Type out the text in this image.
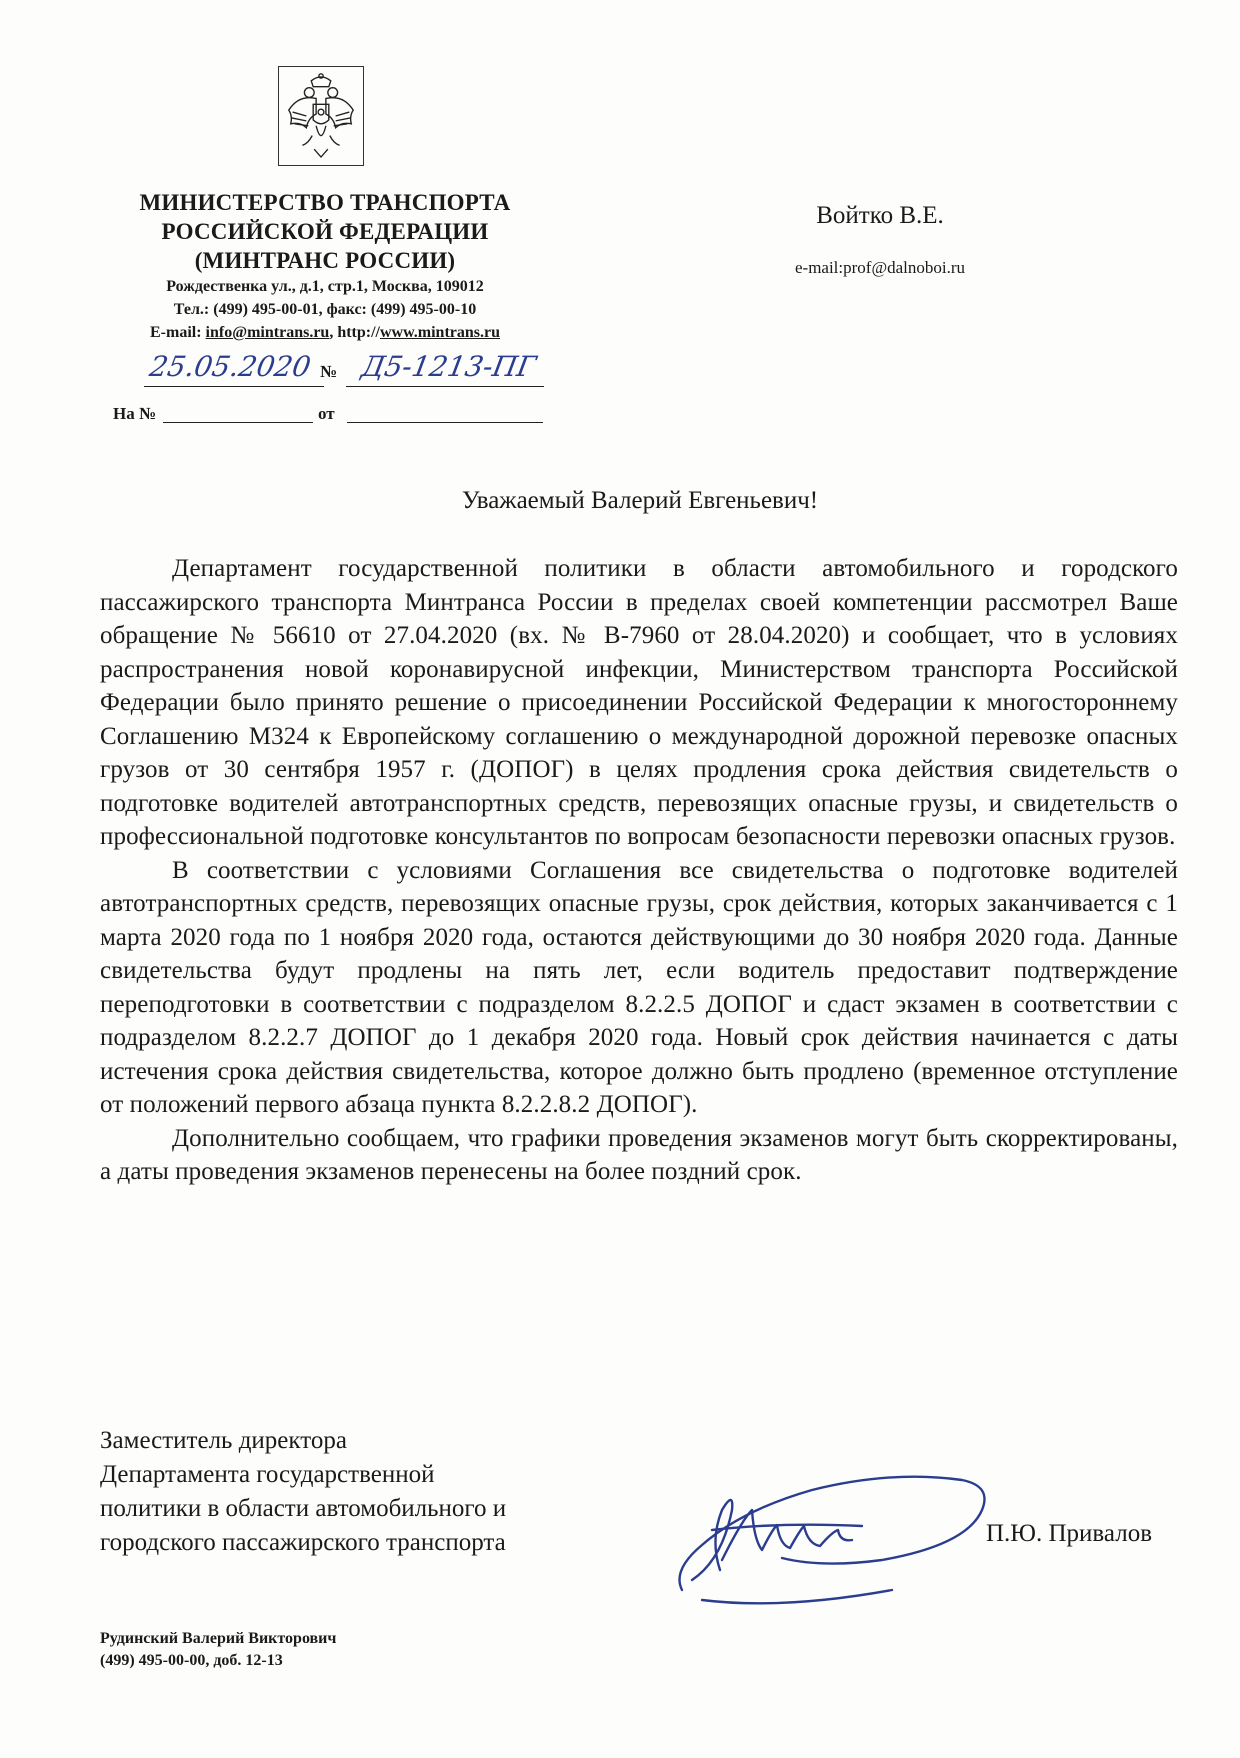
МИНИСТЕРСТВО ТРАНСПОРТА
РОССИЙСКОЙ ФЕДЕРАЦИИ
(МИНТРАНС РОССИИ)
Рождественка ул., д.1, стр.1, Москва, 109012
Тел.: (499) 495-00-01, факс: (499) 495-00-10
E-mail: info@mintrans.ru, http://www.mintrans.ru
25.05.2020 № Д5-1213-ПГ
На №	от
Войтко В.Е.
e-mail:prof@dalnoboi.ru
Уважаемый Валерий Евгеньевич!

Департамент государственной политики в области автомобильного и городского пассажирского транспорта Минтранса России в пределах своей компетенции рассмотрел Ваше обращение № 56610 от 27.04.2020 (вх. № В-7960 от 28.04.2020) и сообщает, что в условиях распространения новой коронавирусной инфекции, Министерством транспорта Российской Федерации было принято решение о присоединении Российской Федерации к многостороннему Соглашению М324 к Европейскому соглашению о международной дорожной перевозке опасных грузов от 30 сентября 1957 г. (ДОПОГ) в целях продления срока действия свидетельств о подготовке водителей автотранспортных средств, перевозящих опасные грузы, и свидетельств о профессиональной подготовке консультантов по вопросам безопасности перевозки опасных грузов.

В соответствии с условиями Соглашения все свидетельства о подготовке водителей автотранспортных средств, перевозящих опасные грузы, срок действия, которых заканчивается с 1 марта 2020 года по 1 ноября 2020 года, остаются действующими до 30 ноября 2020 года. Данные свидетельства будут продлены на пять лет, если водитель предоставит подтверждение переподготовки в соответствии с подразделом 8.2.2.5 ДОПОГ и сдаст экзамен в соответствии с подразделом 8.2.2.7 ДОПОГ до 1 декабря 2020 года. Новый срок действия начинается с даты истечения срока действия свидетельства, которое должно быть продлено (временное отступление от положений первого абзаца пункта 8.2.2.8.2 ДОПОГ).

Дополнительно сообщаем, что графики проведения экзаменов могут быть скорректированы, а даты проведения экзаменов перенесены на более поздний срок.

Заместитель директора
Департамента государственной
политики в области автомобильного и
городского пассажирского транспорта	П.Ю. Привалов
Рудинский Валерий Викторович
(499) 495-00-00, доб. 12-13
